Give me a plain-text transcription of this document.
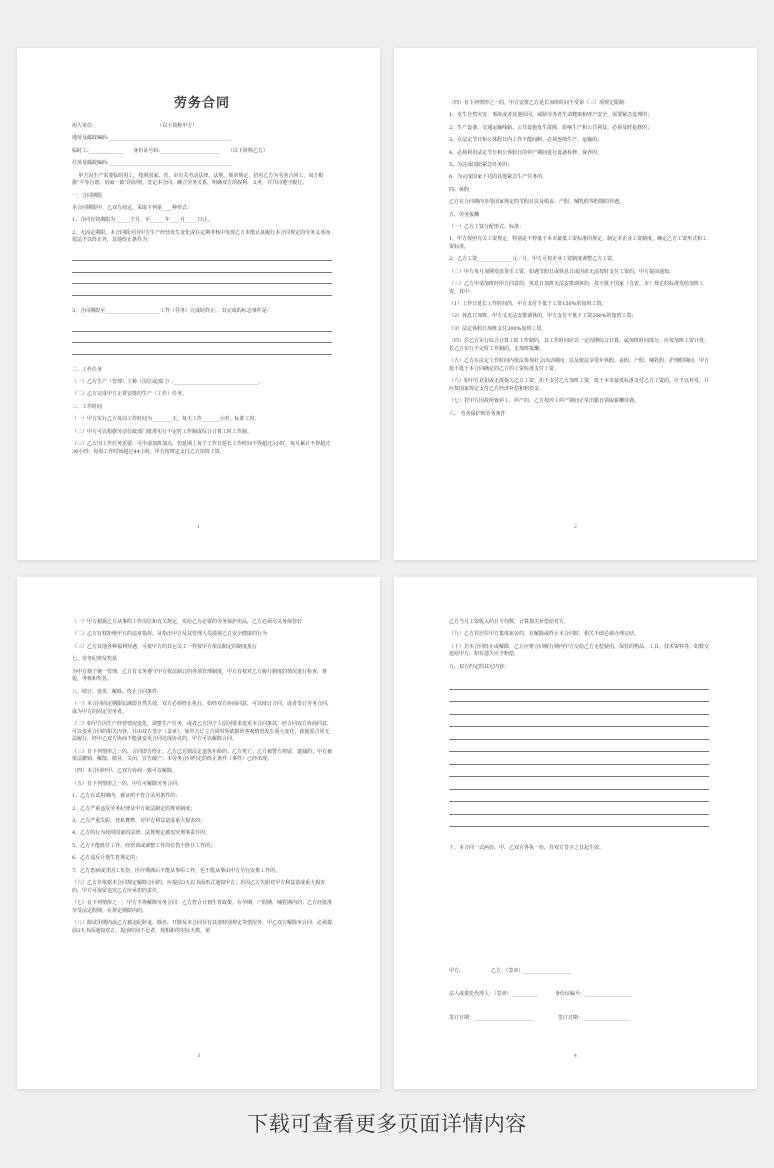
劳务合同
用人单位:                                        （以下简称甲方）
地址及邮政编码:_________________________________________________
临时工:______________      身份证号码:________________________     （以下简称乙方）
住址及邮政编码:_________________________________________________
甲方因生产需要临时用工，按照国家、省、市有关劳动法律、法规、规章规定，招用乙方为劳务合同工，双方根据“平等自愿、协商一致”的原则，签定本合同，确立劳务关系，明确双方的权利、义务，并共同遵守履行。
一、合同期限
本合同期限甲、乙双方商定，采取下列第____种形式：
1、合同有效期限为______个月，至______年____月_____日止。
2、无固定期限。本合同除可因甲方生产经营发生变化或在定期考核中发现乙方未能认真履行本合同规定的劳务义务而依法予以终止外，其他终止条件为：
3、合同期限至______________________工作（任务）完成时终止。 其完成的标志事件是：
二、工作任务
（一）乙方生产（管理）工种（岗位或部门）:__________________________________。
（二）乙方完成甲方正常安排的生产（工作）任务。
三、工作时间
（一）甲方实行乙方每周工作时间为________天，每天工作_______小时，标准工时。
（二）甲方可以根据劳动行政部门批准实行不定时工作制或综合计算工时工作制。
（三）乙方因工作任务需要，可申请加班加点，但延期上每个工作日延长工作时间不得超过3小时，每月累计不得超过36小时；每周工作时间超过44小时，甲方按规定支付乙方加班工资。
1
（四）有下列情形之一的，甲方安排乙方延长加班时间不受第（三）项规定限制：
1、发生自然灾害、事故或者其他原因，威胁劳务者生命健康和财产安全，需要紧急处理的；
2、生产设备、交通运输线路、公共设施发生故障，影响生产和公共利益，必须及时抢修的；
3、在法定节日和公休假日内工作不能间断，必须连续生产、运输的；
4、必须利用法定节日和公休假日的停产期间进行设备检修、保养的；
5、为完成国防紧急任务的；
6、为完成国家下达的其他紧急生产任务的。
四、休假
乙方在合同期内享受国家规定的节假日以及婚丧、产假、哺乳假等假期的待遇。
五、劳务报酬
（一）乙方工资分配形式、标准：
1、甲方按照有关工资规定，特别是不得低于本市最低工资标准的规定，制定本企业工资制度，确定乙方工资形式和工资标准。
2、乙方工资______________元／月，甲方可按企业工资制度调整乙方工资。
（二）甲方每月加期发放货币工资，如遇节假日或休息日或因故无法按时支付工资的，甲方提前通知。
（三）乙方申请加班经甲方同意的，休息日加班无法安排调休的，按不低于国家（含省、市）规定的标准发给加班工资，其中：
（1）工作日延长工作时间的，甲方支付不低于工资150%的加班工资；
（2）休息日加班，甲方又无法安排调休的，甲方支付不低于工资200%的加班工资；
（3）法定休假日加班支付300%加班工资。
（四）若乙方实行综合计算工时工作制的，其工作时间应以一定周期综合计算，属加班时间部分，应按加班工资计发；若乙方实行不定时工作制的，无加班报酬。
（五）乙方在法定工作时间内依法参加社会活动期间，以及依法享受年休假、丧假、产假、哺乳假、护理假期间，甲方按不低于本合同确定的乙方的工资标准支付工资。
（六）如甲方克扣或无故拖欠乙方工资，拒不支付乙方加班工资，低于本市最低标准支付乙方工资的，应予以补发，并应按国家规定支付乙方经济补偿和赔偿金。
（七）若甲方因故所致停工、停产的，乙方按停工停产期间正常出勤日领取薪酬待遇。
六、 劳务保护和劳务条件
2
（一）甲方根据乙方从事的工作岗位和有关规定，发给乙方必要的劳务保护用品，乙方必须尽义务保管好
（二）乙方有权拒绝甲方的违章指挥，及指出甲方及其管理人员漠视乙方安全健康的行为
（三）乙方其他各种福利待遇，可依甲方的其它员工一样按甲方依法制定的制度执行
七、劳务纪律及奖惩
为甲方便于统一管理，乙方有义务遵守甲方依法制订的各项管理制度，甲方有权对乙方履行制度的情况进行检查、督促、考核和奖惩。
八、续订、变更、解除、终止合同条件
（一）本合同固定期限届满即自然失效，双方必须终止执行。如经双方协商同意，可以续订合同，或者签订劳务合同，成为甲方的固定劳务者。
（二）如甲方因生产经营情况变化，调整生产任务，或者乙方因个人原因要求变更本合同条款，经合同双方协商同意，可以变更合同的相关内容，并由双方签字（盖章）。如甲方订立合同时所依据的客观情况发生重大变化，致使原合同无法履行，经甲乙双方协商不能就变更合同达成协议的，甲方可以解除合同。
（三）有下列情形之一的，合同即告终止：乙方已达到法定退休年龄的；乙方死亡；乙方被警方拘留、逮捕的；甲方被依法撤销、解散、歇业、关闭、宣告破产；本劳务合同约定的终止条件（事件）已经出现。
（四）本合同经甲、乙双方协商一致可以解除。
（五）有下列情形之一的，甲方可解除劳务合同：
1、乙方在试用期内，被证明不符合录用条件的；
2、乙方严重违反劳务纪律及甲方依法制定的规章制度；
3、乙方严重失职，营私舞弊，对甲方利益造成重大损害的；
4、乙方的行为按照国家的法律、法规规定被追究刑事责任的；
5、乙方不能胜任工作，经培训或调整工作岗位仍不胜任工作的；
6、乙方违反计划生育规定的；
7、乙方患病或非因工负伤，医疗期满后不能从事原工作，也不能从事由甲方另行安排工作的。
（六）乙方非依据本合同规定解除合同的，应提前3天以书面形式通知甲方；若因乙方失职对甲方利益造成重大损害的，甲方可保留追究乙方应承担的责任。
（七）有下列情形之一，甲方不得解除劳务合同：乙方符合计划生育政策，在孕期、产假期、哺乳期内的；乙方经批准享受法定假期，在规定期限内的。
（八）除试用期内或乙方被违纪辞退、除名、开除及本合同另有其他特别规定等情况外，甲乙双方解除本合同，必须提前3天书面通知对方。提前时间不足者，按相距的实际天数，依
3
乙方当月工资收入的日平均数，计算损失补偿给对方。
（九）乙方若居住甲方集体宿舍的，在解除或终止本合同时，相关手续必须办理完结。
（十）若本合同终止或解除，乙方应将合同履行期内甲方交给乙方无偿使用、保管的物品、工具、技术资料等，如数交还给甲方，如有遗失应予赔偿。
九、双方约定的其它内容：
十、本合同一式两份，甲、乙双方各执一份，自双方签字之日起生效。
甲方:                   乙方：（签章）___________________
法人或委托代理人：（签章）___________          身份证编号：___________________
签订日期：________________________               签订日期：___________________
4
下载可查看更多页面详情内容
